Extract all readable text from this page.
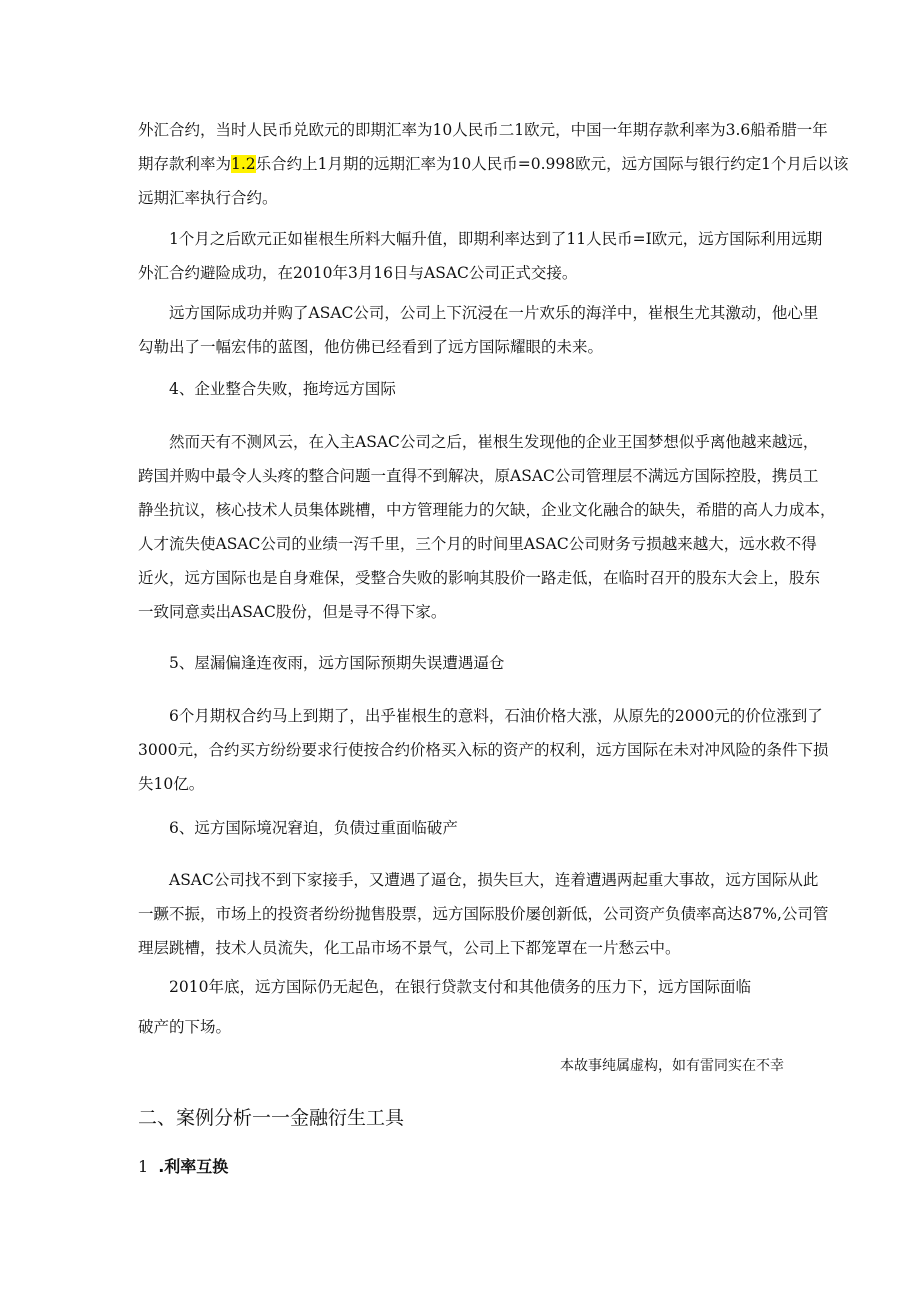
外汇合约，当时人民币兑欧元的即期汇率为10人民币二1欧元，中国一年期存款利率为3.6船希腊一年
期存款利率为1.2乐合约上1月期的远期汇率为10人民币=0.998欧元，远方国际与银行约定1个月后以该
远期汇率执行合约。
1个月之后欧元正如崔根生所料大幅升值，即期利率达到了11人民币=I欧元，远方国际利用远期
外汇合约避险成功，在2010年3月16日与ASAC公司正式交接。
远方国际成功并购了ASAC公司，公司上下沉浸在一片欢乐的海洋中，崔根生尤其激动，他心里
勾勒出了一幅宏伟的蓝图，他仿佛已经看到了远方国际耀眼的未来。
4、企业整合失败，拖垮远方国际
然而天有不测风云，在入主ASAC公司之后，崔根生发现他的企业王国梦想似乎离他越来越远，
跨国并购中最令人头疼的整合问题一直得不到解决，原ASAC公司管理层不满远方国际控股，携员工
静坐抗议，核心技术人员集体跳槽，中方管理能力的欠缺，企业文化融合的缺失，希腊的高人力成本，
人才流失使ASAC公司的业绩一泻千里，三个月的时间里ASAC公司财务亏损越来越大，远水救不得
近火，远方国际也是自身难保，受整合失败的影响其股价一路走低，在临时召开的股东大会上，股东
一致同意卖出ASAC股份，但是寻不得下家。
5、屋漏偏逢连夜雨，远方国际预期失误遭遇逼仓
6个月期权合约马上到期了，出乎崔根生的意料，石油价格大涨，从原先的2000元的价位涨到了
3000元，合约买方纷纷要求行使按合约价格买入标的资产的权利，远方国际在未对冲风险的条件下损
失10亿。
6、远方国际境况窘迫，负债过重面临破产
ASAC公司找不到下家接手，又遭遇了逼仓，损失巨大，连着遭遇两起重大事故，远方国际从此
一蹶不振，市场上的投资者纷纷抛售股票，远方国际股价屡创新低，公司资产负债率高达87%,公司管
理层跳槽，技术人员流失，化工品市场不景气，公司上下都笼罩在一片愁云中。
2010年底，远方国际仍无起色，在银行贷款支付和其他债务的压力下，远方国际面临
破产的下场。
本故事纯属虚构，如有雷同实在不幸
二、案例分析一一金融衍生工具
1 .利率互换
